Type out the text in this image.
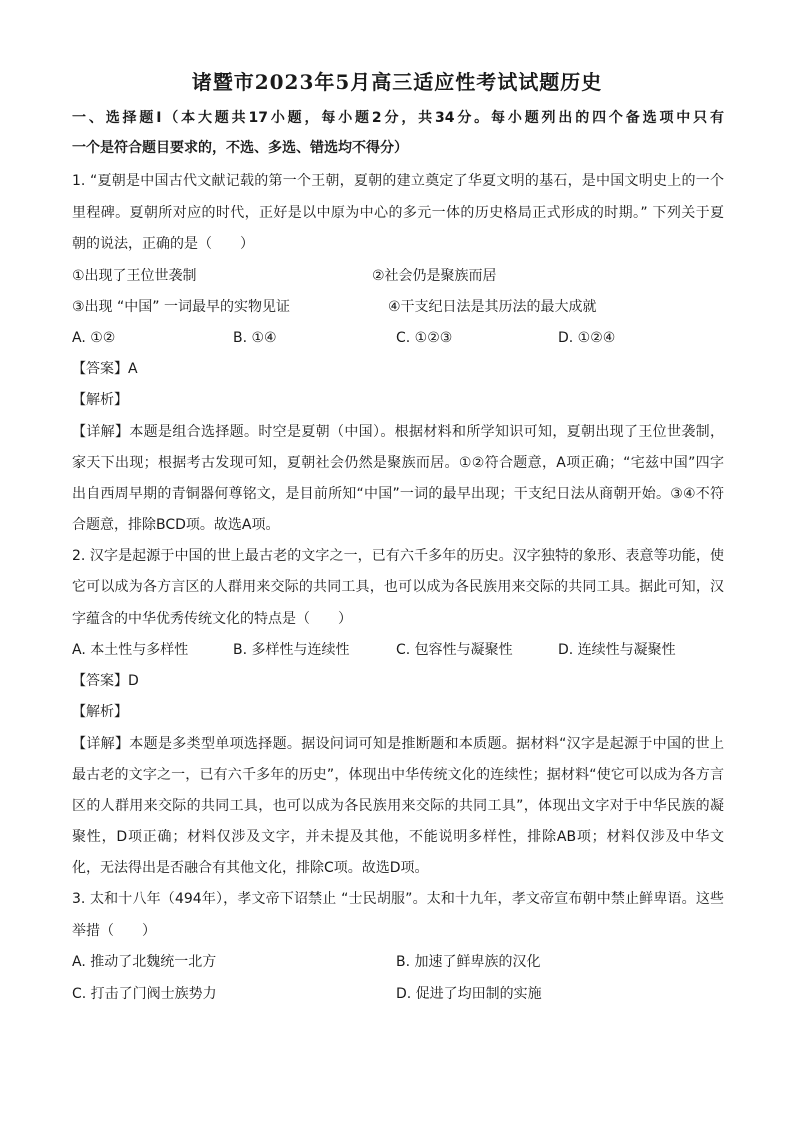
诸暨市2023年5月高三适应性考试试题历史
一、选择题Ⅰ（本大题共17小题，每小题2分，共34分。每小题列出的四个备选项中只有
一个是符合题目要求的，不选、多选、错选均不得分）
1. “夏朝是中国古代文献记载的第一个王朝，夏朝的建立奠定了华夏文明的基石，是中国文明史上的一个
里程碑。夏朝所对应的时代，正好是以中原为中心的多元一体的历史格局正式形成的时期。” 下列关于夏
朝的说法，正确的是（　　）
①出现了王位世袭制	②社会仍是聚族而居
③出现 “中国” 一词最早的实物见证	④干支纪日法是其历法的最大成就
A. ①②	B. ①④	C. ①②③	D. ①②④
【答案】A
【解析】
【详解】本题是组合选择题。时空是夏朝（中国）。根据材料和所学知识可知，夏朝出现了王位世袭制，
家天下出现；根据考古发现可知，夏朝社会仍然是聚族而居。①②符合题意，A项正确；“宅兹中国”四字
出自西周早期的青铜器何尊铭文，是目前所知“中国”一词的最早出现；干支纪日法从商朝开始。③④不符
合题意，排除BCD项。故选A项。
2. 汉字是起源于中国的世上最古老的文字之一，已有六千多年的历史。汉字独特的象形、表意等功能，使
它可以成为各方言区的人群用来交际的共同工具，也可以成为各民族用来交际的共同工具。据此可知，汉
字蕴含的中华优秀传统文化的特点是（　　）
A. 本土性与多样性	B. 多样性与连续性	C. 包容性与凝聚性	D. 连续性与凝聚性
【答案】D
【解析】
【详解】本题是多类型单项选择题。据设问词可知是推断题和本质题。据材料“汉字是起源于中国的世上
最古老的文字之一，已有六千多年的历史”，体现出中华传统文化的连续性；据材料“使它可以成为各方言
区的人群用来交际的共同工具，也可以成为各民族用来交际的共同工具”，体现出文字对于中华民族的凝
聚性，D项正确；材料仅涉及文字，并未提及其他，不能说明多样性，排除AB项；材料仅涉及中华文
化，无法得出是否融合有其他文化，排除C项。故选D项。
3. 太和十八年（494年），孝文帝下诏禁止 “士民胡服”。太和十九年，孝文帝宣布朝中禁止鲜卑语。这些
举措（　　）
A. 推动了北魏统一北方	B. 加速了鲜卑族的汉化
C. 打击了门阀士族势力	D. 促进了均田制的实施
